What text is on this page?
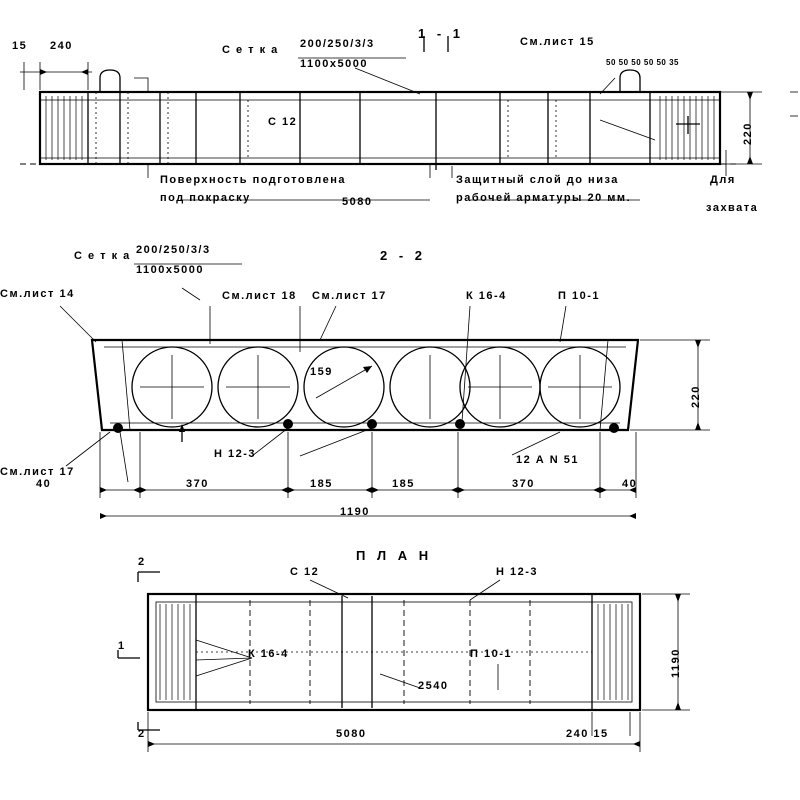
15 240	С е т к а 200/250/3/3
1100х5000
1 - 1
См.лист 15
50 50 50 50 50 35
С 12
220
Поверхность подготовлена
под покраску
Защитный слой до низа
рабочей арматуры 20 мм.
Для
захвата
5080
С е т к а 200/250/3/3
1100х5000
2 - 2
См.лист 14	См.лист 18 См.лист 17	К 16-4	П 10-1
См.лист 17
159
220
Н 12-3	12 А N 51
40	370	185	185	370	40
1190
П Л А Н
С 12	Н 12-3
К 16-4	П 10-1
2540
1190
5080	240 15
2
2
1
